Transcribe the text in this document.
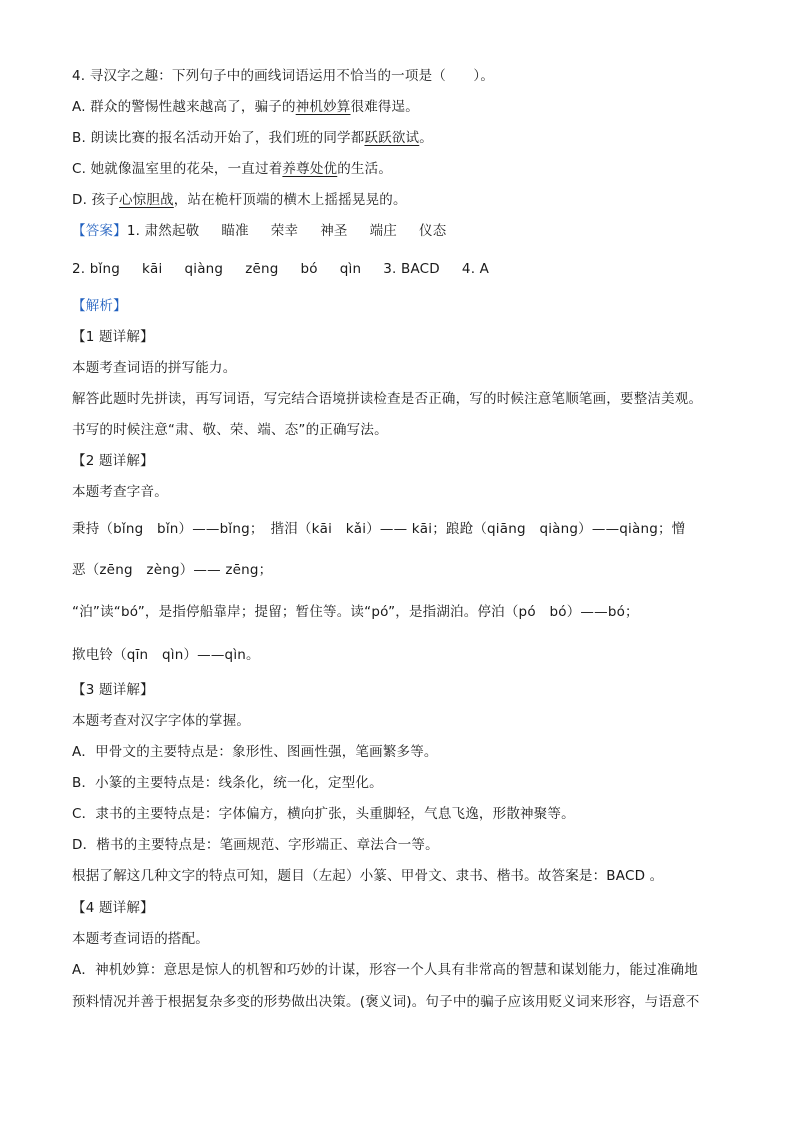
4. 寻汉字之趣：下列句子中的画线词语运用不恰当的一项是（　　）。
A. 群众的警惕性越来越高了，骗子的神机妙算很难得逞。
B. 朗读比赛的报名活动开始了，我们班的同学都跃跃欲试。
C. 她就像温室里的花朵，一直过着养尊处优的生活。
D. 孩子心惊胆战，站在桅杆顶端的横木上摇摇晃晃的。
【答案】1. 肃然起敬 瞄准 荣幸 神圣 端庄 仪态
2. bǐng kāi qiàng zēng bó qìn 3. BACD 4. A
【解析】
【1 题详解】
本题考查词语的拼写能力。
解答此题时先拼读，再写词语，写完结合语境拼读检查是否正确，写的时候注意笔顺笔画，要整洁美观。
书写的时候注意“肃、敬、荣、端、态”的正确写法。
【2 题详解】
本题考查字音。
秉持（bǐng　bǐn）——bǐng；　揩泪（kāi　kǎi）—— kāi；踉跄（qiāng　qiàng）——qiàng；憎
恶（zēng　zèng）—— zēng；
“泊”读“bó”，是指停船靠岸；提留；暂住等。读“pó”，是指湖泊。停泊（pó　bó）——bó；
揿电铃（qīn　qìn）——qìn。
【3 题详解】
本题考查对汉字字体的掌握。
A．甲骨文的主要特点是：象形性、图画性强，笔画繁多等。
B．小篆的主要特点是：线条化，统一化，定型化。
C．隶书的主要特点是：字体偏方，横向扩张，头重脚轻，气息飞逸，形散神聚等。
D．楷书的主要特点是：笔画规范、字形端正、章法合一等。
根据了解这几种文字的特点可知，题目（左起）小篆、甲骨文、隶书、楷书。故答案是：BACD 。
【4 题详解】
本题考查词语的搭配。
A．神机妙算：意思是惊人的机智和巧妙的计谋，形容一个人具有非常高的智慧和谋划能力，能过准确地
预料情况并善于根据复杂多变的形势做出决策。(褒义词)。句子中的骗子应该用贬义词来形容，与语意不
